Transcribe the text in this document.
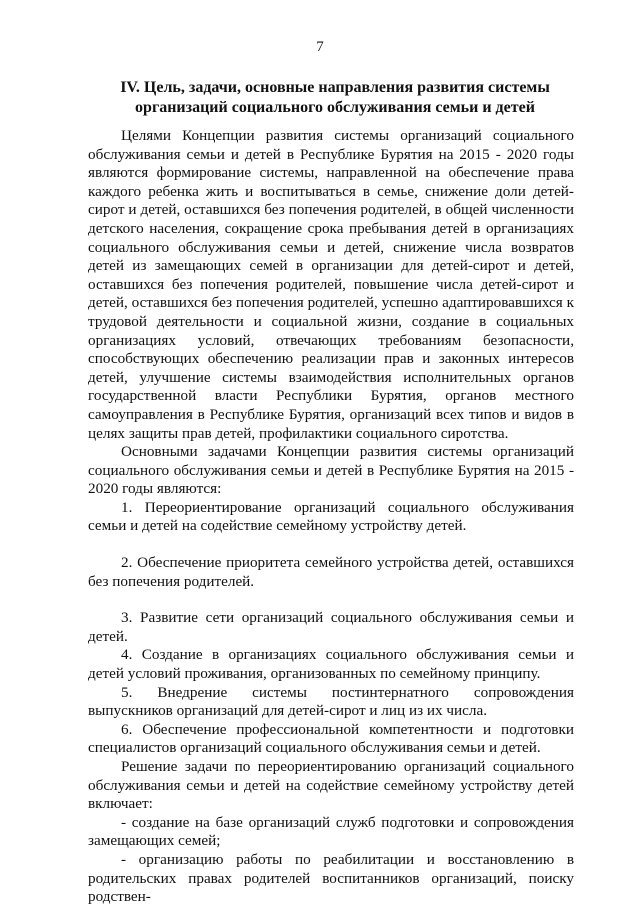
7
IV. Цель, задачи, основные направления развития системы
организаций социального обслуживания семьи и детей

Целями Концепции развития системы организаций социального обслуживания семьи и детей в Республике Бурятия на 2015 - 2020 годы являются формирование системы, направленной на обеспечение права каждого ребенка жить и воспитываться в семье, снижение доли детей-сирот и детей, оставшихся без попечения родителей, в общей численности детского населения, сокращение срока пребывания детей в организациях социального обслуживания семьи и детей, снижение числа возвратов детей из замещающих семей в организации для детей-сирот и детей, оставшихся без попечения родителей, повышение числа детей-сирот и детей, оставшихся без попечения родителей, успешно адаптировавшихся к трудовой деятельности и социальной жизни, создание в социальных организациях условий, отвечающих требованиям безопасности, способствующих обеспечению реализации прав и законных интересов детей, улучшение системы взаимодействия исполнительных органов государственной власти Республики Бурятия, органов местного самоуправления в Республике Бурятия, организаций всех типов и видов в целях защиты прав детей, профилактики социального сиротства.

Основными задачами Концепции развития системы организаций социального обслуживания семьи и детей в Республике Бурятия на 2015 - 2020 годы являются:

1. Переориентирование организаций социального обслуживания семьи и детей на содействие семейному устройству детей.

2. Обеспечение приоритета семейного устройства детей, оставшихся без попечения родителей.

3. Развитие сети организаций социального обслуживания семьи и детей.

4. Создание в организациях социального обслуживания семьи и детей условий проживания, организованных по семейному принципу.

5. Внедрение системы постинтернатного сопровождения выпускников организаций для детей-сирот и лиц из их числа.

6. Обеспечение профессиональной компетентности и подготовки специалистов организаций социального обслуживания семьи и детей.

Решение задачи по переориентированию организаций социального обслуживания семьи и детей на содействие семейному устройству детей включает:

- создание на базе организаций служб подготовки и сопровождения замещающих семей;

- организацию работы по реабилитации и восстановлению в родительских правах родителей воспитанников организаций, поиску родствен-
